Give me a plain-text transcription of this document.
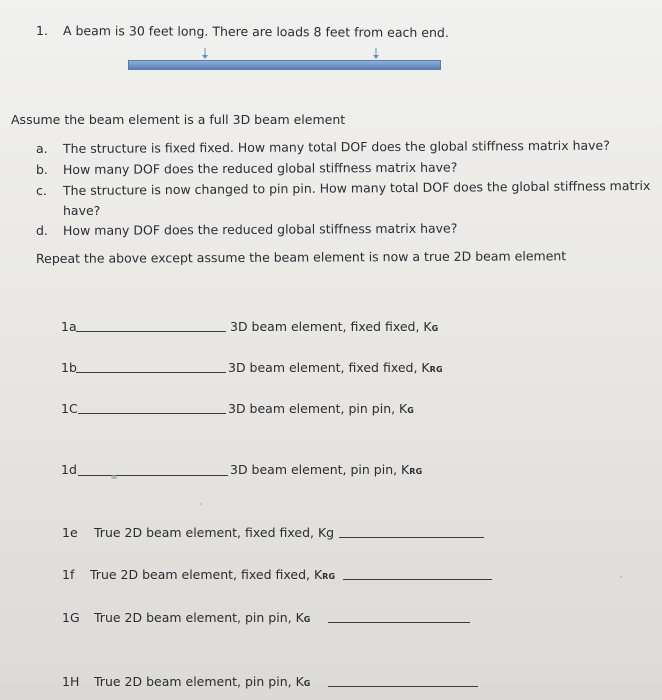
1. A beam is 30 feet long. There are loads 8 feet from each end.
Assume the beam element is a full 3D beam element
a. The structure is fixed fixed. How many total DOF does the global stiffness matrix have?
b. How many DOF does the reduced global stiffness matrix have?
c. The structure is now changed to pin pin. How many total DOF does the global stiffness matrix
have?
d. How many DOF does the reduced global stiffness matrix have?
Repeat the above except assume the beam element is now a true 2D beam element
1a	3D beam element, fixed fixed, KG
1b	3D beam element, fixed fixed, KRG
1C	3D beam element, pin pin, KG
1d	3D beam element, pin pin, KRG
1e True 2D beam element, fixed fixed, Kg
1f True 2D beam element, fixed fixed, KRG
1G True 2D beam element, pin pin, KG
1H True 2D beam element, pin pin, KG
